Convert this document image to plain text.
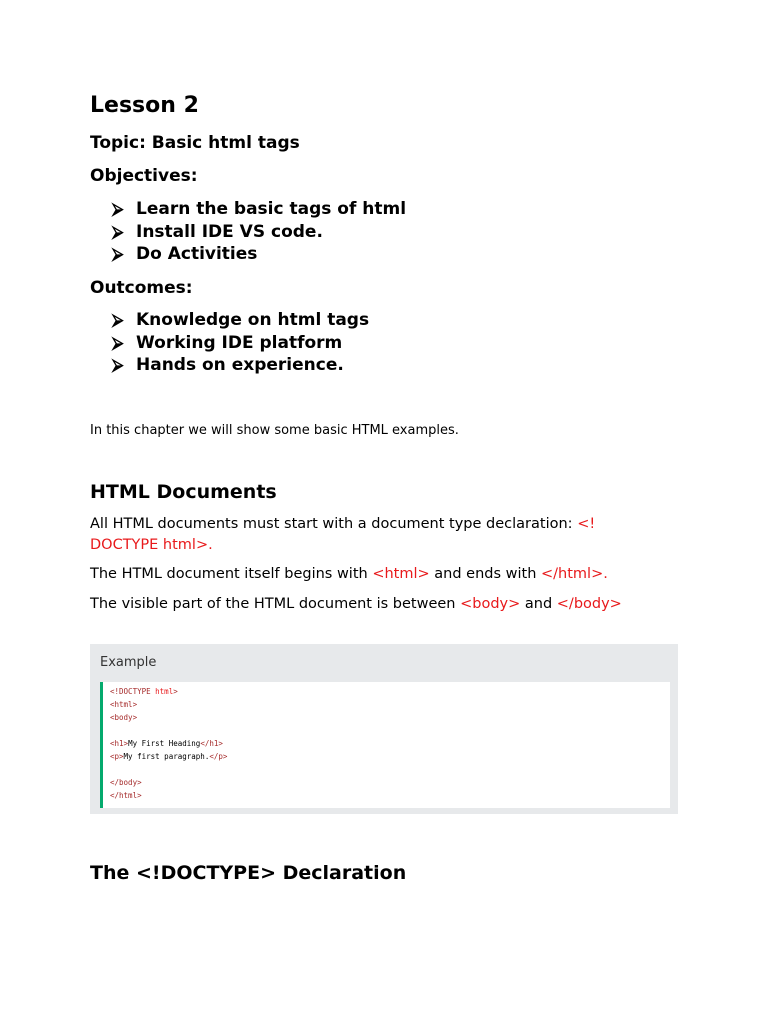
Lesson 2
Topic: Basic html tags
Objectives:
⮚ Learn the basic tags of html
⮚ Install IDE VS code.
⮚ Do Activities
Outcomes:
⮚ Knowledge on html tags
⮚ Working IDE platform
⮚ Hands on experience.
In this chapter we will show some basic HTML examples.
HTML Documents
All HTML documents must start with a document type declaration: <!
DOCTYPE html>.
The HTML document itself begins with <html> and ends with </html>.
The visible part of the HTML document is between <body> and </body>
Example
<!DOCTYPE html>
<html>
<body>
<h1>My First Heading</h1>
<p>My first paragraph.</p>
</body>
</html>
The <!DOCTYPE> Declaration
